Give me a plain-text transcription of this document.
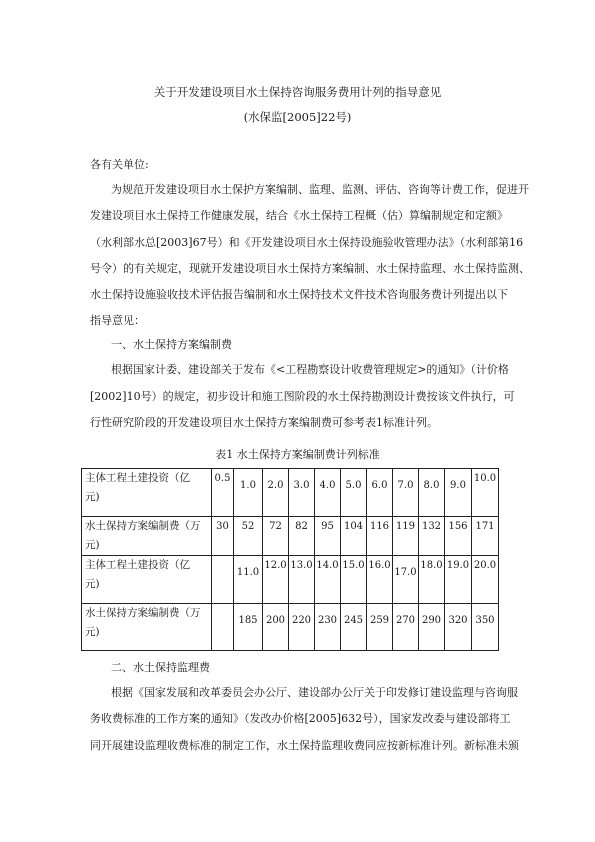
关于开发建设项目水土保持咨询服务费用计列的指导意见
(水保监[2005]22号)
各有关单位:
为规范开发建设项目水土保护方案编制、监理、监测、评估、咨询等计费工作，促进开
发建设项目水土保持工作健康发展，结合《水土保持工程概（估）算编制规定和定额》
（水利部水总[2003]67号）和《开发建设项目水土保持设施验收管理办法》（水利部第16
号令）的有关规定，现就开发建设项目水土保持方案编制、水土保持监理、水土保持监测、
水土保持设施验收技术评估报告编制和水土保持技术文件技术咨询服务费计列提出以下
指导意见：
一、水土保持方案编制费
根据国家计委、建设部关于发布《<工程勘察设计收费管理规定>的通知》（计价格
[2002]10号）的规定，初步设计和施工图阶段的水土保持勘测设计费按该文件执行，可
行性研究阶段的开发建设项目水土保持方案编制费可参考表1标准计列。
表1 水土保持方案编制费计列标准
主体工程土建投资（亿
元)	0.5	1.0	2.0	3.0	4.0	5.0	6.0	7.0	8.0	9.0	10.0

水土保持方案编制费（万
元)	30	52	72	82	95	104	116	119	132	156	171

主体工程土建投资（亿
元)		11.0	12.0	13.0	14.0	15.0	16.0	17.0	18.0	19.0	20.0

水土保持方案编制费（万
元)		185	200	220	230	245	259	270	290	320	350
二、水土保持监理费
根据《国家发展和改革委员会办公厅、建设部办公厅关于印发修订建设监理与咨询服
务收费标准的工作方案的通知》（发改办价格[2005]632号），国家发改委与建设部将工
同开展建设监理收费标准的制定工作，水土保持监理收费同应按新标准计列。新标准未颁
